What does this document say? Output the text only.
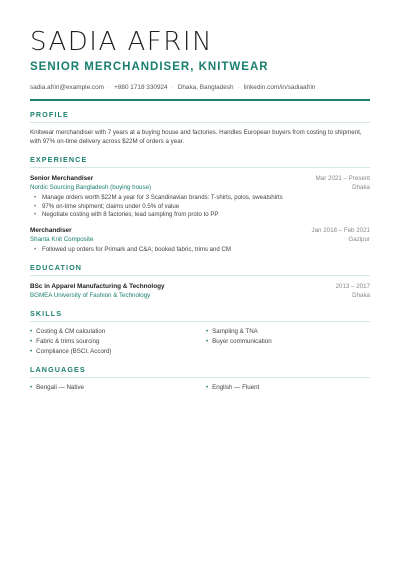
SADIA AFRIN
SENIOR MERCHANDISER, KNITWEAR
sadia.afrin@example.com · +880 1718 330924 · Dhaka, Bangladesh · linkedin.com/in/sadiaafrin
PROFILE
Knitwear merchandiser with 7 years at a buying house and factories. Handles European buyers from costing to shipment, with 97% on-time delivery across $22M of orders a year.
EXPERIENCE
Senior Merchandiser	Mar 2021 – Present
Nordic Sourcing Bangladesh (buying house)	Dhaka
• Manage orders worth $22M a year for 3 Scandinavian brands: T-shirts, polos, sweatshirts
• 97% on-time shipment; claims under 0.5% of value
• Negotiate costing with 8 factories; lead sampling from proto to PP
Merchandiser	Jan 2018 – Feb 2021
Shanta Knit Composite	Gazipur
• Followed up orders for Primark and C&A; booked fabric, trims and CM
EDUCATION
BSc in Apparel Manufacturing & Technology	2013 – 2017
BGMEA University of Fashion & Technology	Dhaka
SKILLS
• Costing & CM calculation	• Sampling & TNA
• Fabric & trims sourcing	• Buyer communication
• Compliance (BSCI, Accord)
LANGUAGES
• Bengali — Native	• English — Fluent
